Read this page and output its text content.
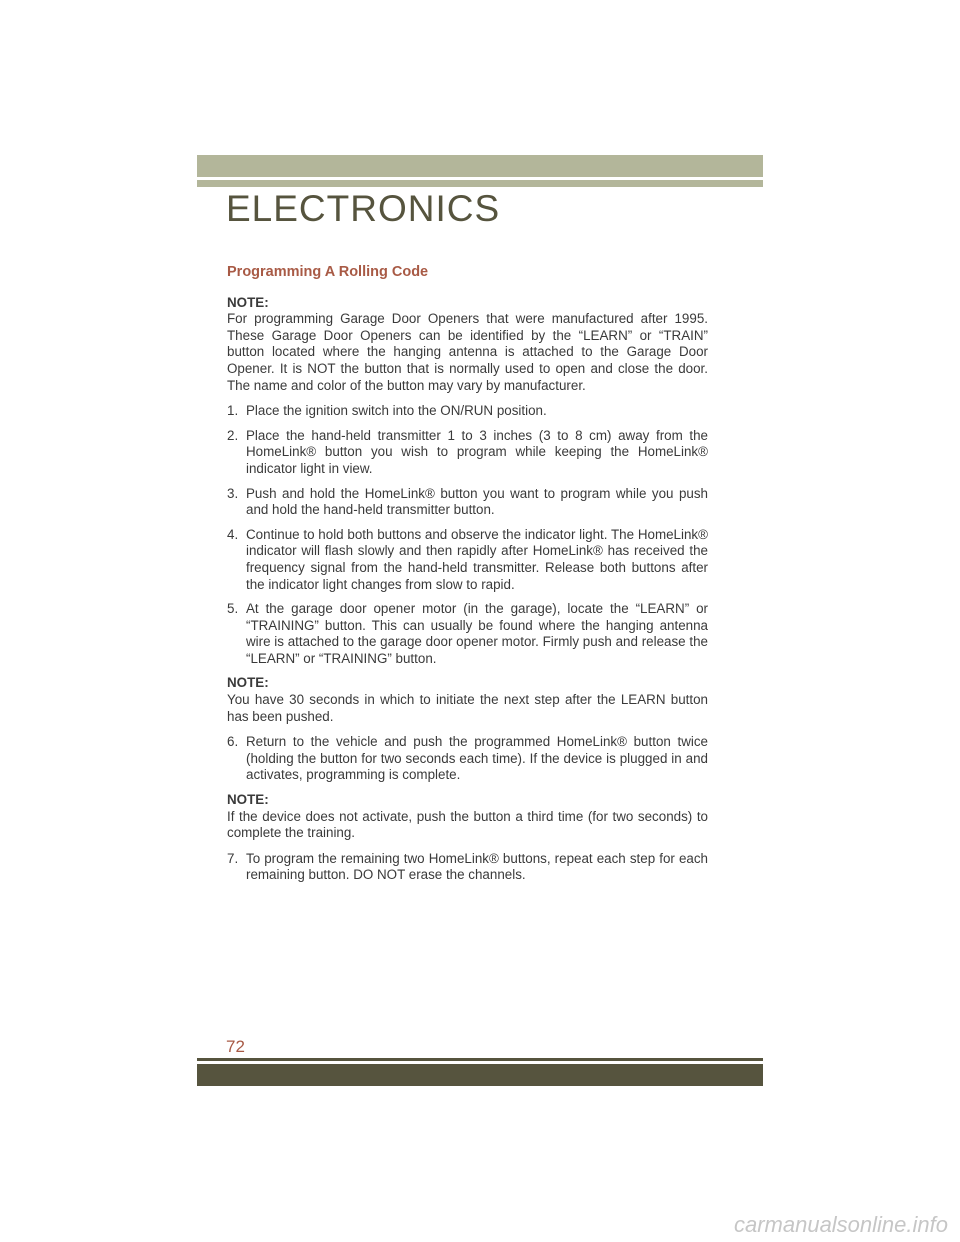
ELECTRONICS
Programming A Rolling Code
NOTE:
For programming Garage Door Openers that were manufactured after 1995. These Garage Door Openers can be identified by the “LEARN” or “TRAIN” button located where the hanging antenna is attached to the Garage Door Opener. It is NOT the button that is normally used to open and close the door. The name and color of the button may vary by manufacturer.
1. Place the ignition switch into the ON/RUN position.
2. Place the hand-held transmitter 1 to 3 inches (3 to 8 cm) away from the HomeLink® button you wish to program while keeping the HomeLink® indicator light in view.
3. Push and hold the HomeLink® button you want to program while you push and hold the hand-held transmitter button.
4. Continue to hold both buttons and observe the indicator light. The HomeLink® indicator will flash slowly and then rapidly after HomeLink® has received the frequency signal from the hand-held transmitter. Release both buttons after the indicator light changes from slow to rapid.
5. At the garage door opener motor (in the garage), locate the “LEARN” or “TRAINING” button. This can usually be found where the hanging antenna wire is attached to the garage door opener motor. Firmly push and release the “LEARN” or “TRAINING” button.
NOTE:
You have 30 seconds in which to initiate the next step after the LEARN button has been pushed.
6. Return to the vehicle and push the programmed HomeLink® button twice (holding the button for two seconds each time). If the device is plugged in and activates, programming is complete.
NOTE:
If the device does not activate, push the button a third time (for two seconds) to complete the training.
7. To program the remaining two HomeLink® buttons, repeat each step for each remaining button. DO NOT erase the channels.
72
carmanualsonline.info
